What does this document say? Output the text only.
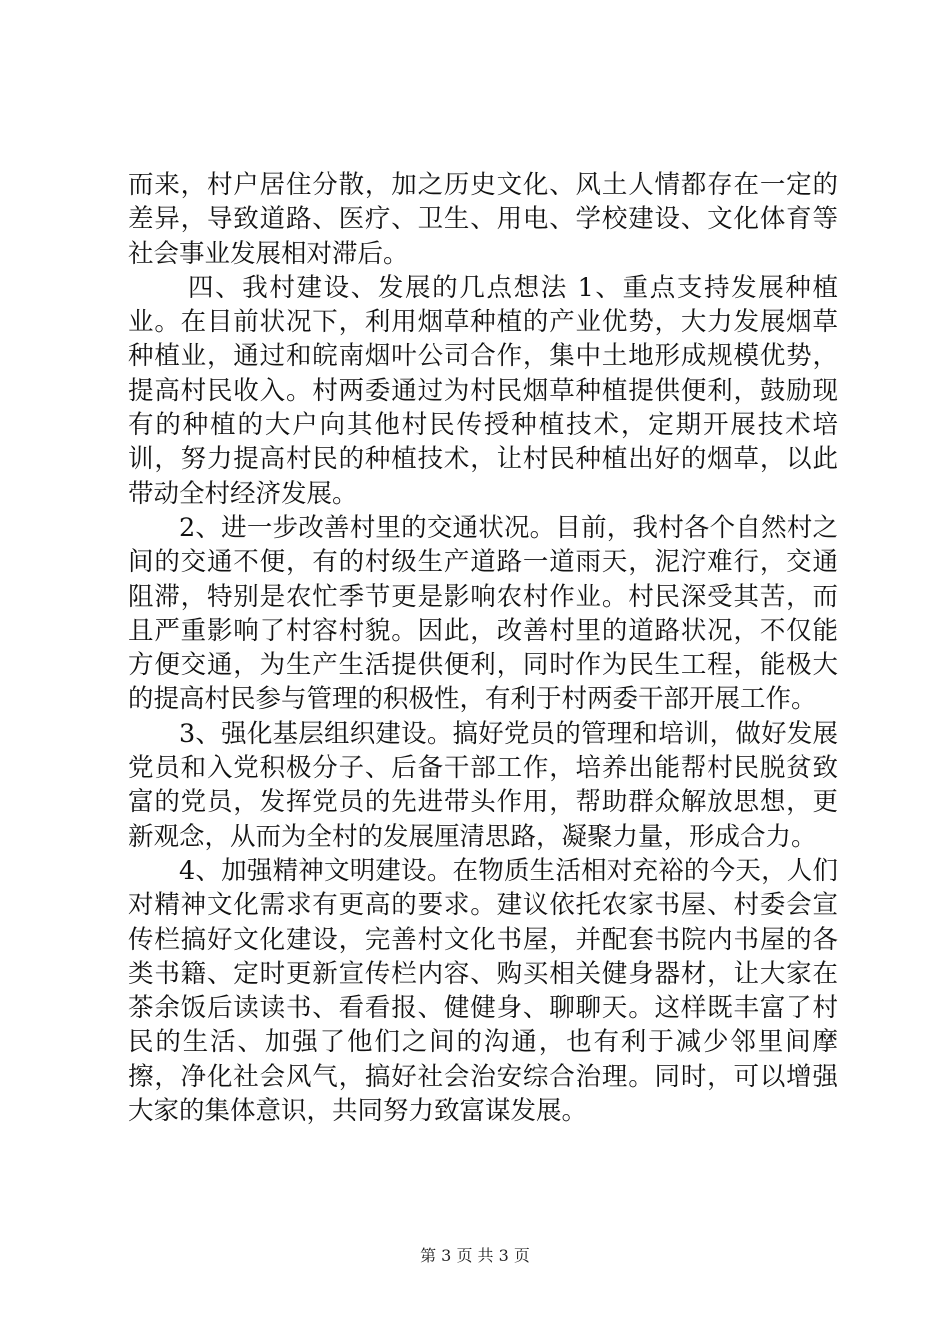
而来，村户居住分散，加之历史文化、风土人情都存在一定的差异，导致道路、医疗、卫生、用电、学校建设、文化体育等社会事业发展相对滞后。

四、我村建设、发展的几点想法 1、重点支持发展种植业。在目前状况下，利用烟草种植的产业优势，大力发展烟草种植业，通过和皖南烟叶公司合作，集中土地形成规模优势，提高村民收入。村两委通过为村民烟草种植提供便利，鼓励现有的种植的大户向其他村民传授种植技术，定期开展技术培训，努力提高村民的种植技术，让村民种植出好的烟草，以此带动全村经济发展。

2、进一步改善村里的交通状况。目前，我村各个自然村之间的交通不便，有的村级生产道路一道雨天，泥泞难行，交通阻滞，特别是农忙季节更是影响农村作业。村民深受其苦，而且严重影响了村容村貌。因此，改善村里的道路状况，不仅能方便交通，为生产生活提供便利，同时作为民生工程，能极大的提高村民参与管理的积极性，有利于村两委干部开展工作。

3、强化基层组织建设。搞好党员的管理和培训，做好发展党员和入党积极分子、后备干部工作，培养出能帮村民脱贫致富的党员，发挥党员的先进带头作用，帮助群众解放思想，更新观念，从而为全村的发展厘清思路，凝聚力量，形成合力。

4、加强精神文明建设。在物质生活相对充裕的今天，人们对精神文化需求有更高的要求。建议依托农家书屋、村委会宣传栏搞好文化建设，完善村文化书屋，并配套书院内书屋的各类书籍、定时更新宣传栏内容、购买相关健身器材，让大家在茶余饭后读读书、看看报、健健身、聊聊天。这样既丰富了村民的生活、加强了他们之间的沟通，也有利于减少邻里间摩擦，净化社会风气，搞好社会治安综合治理。同时，可以增强大家的集体意识，共同努力致富谋发展。

第 3 页 共 3 页
